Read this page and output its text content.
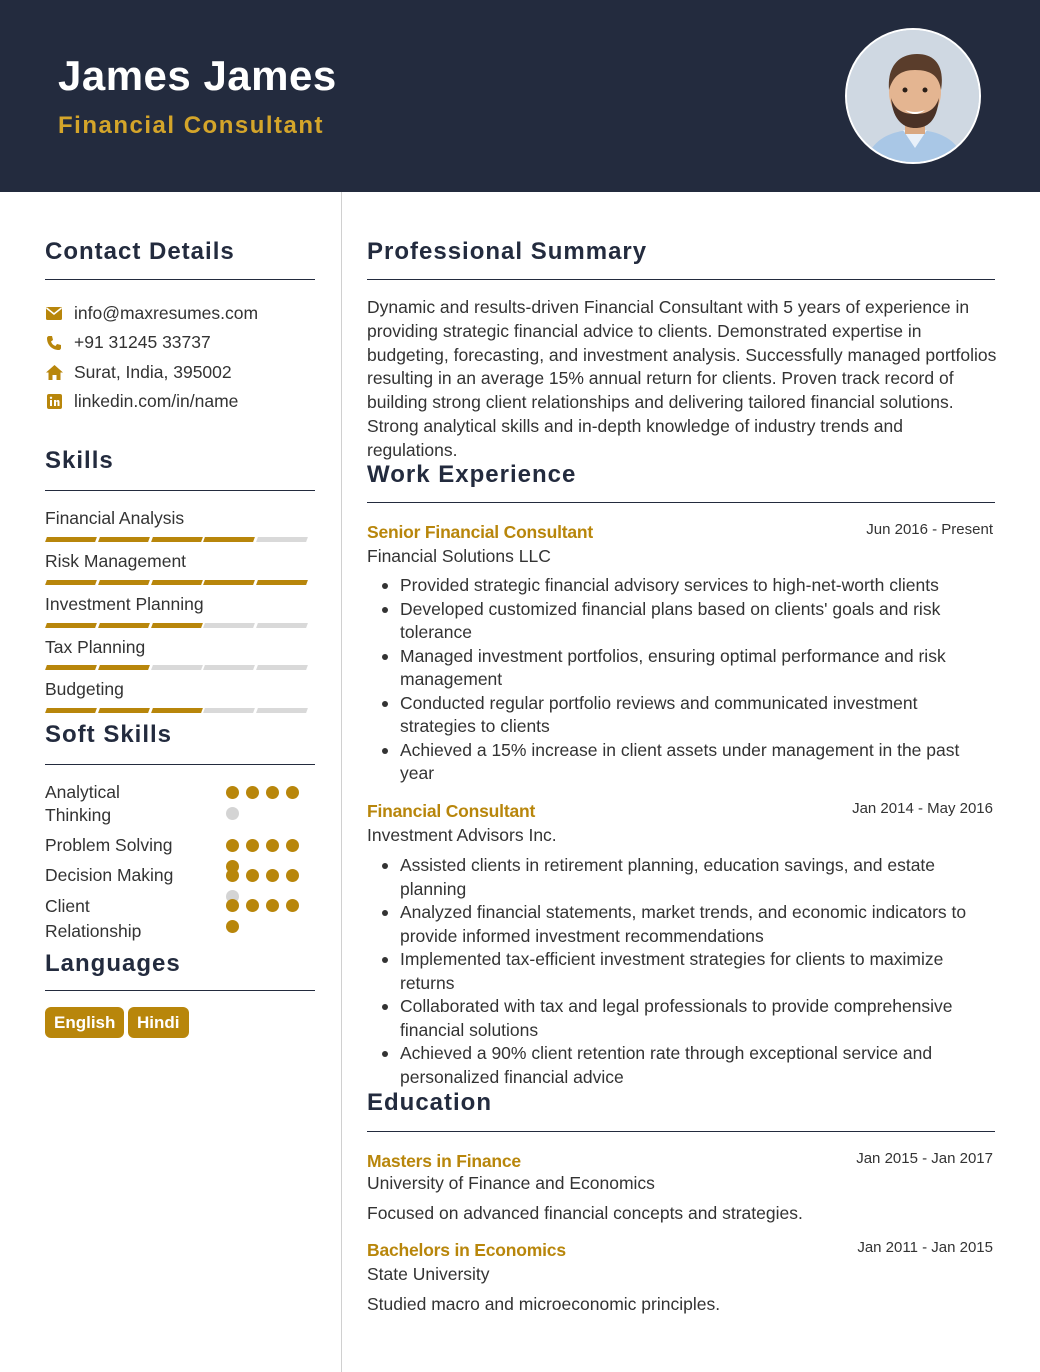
James James
Financial Consultant
Contact Details
info@maxresumes.com
+91 31245 33737
Surat, India, 395002
linkedin.com/in/name
Skills
Financial Analysis
Risk Management
Investment Planning
Tax Planning
Budgeting
Soft Skills
Analytical Thinking
Problem Solving
Decision Making
Client Relationship
Languages
English	Hindi
Professional Summary
Dynamic and results-driven Financial Consultant with 5 years of experience in providing strategic financial advice to clients. Demonstrated expertise in budgeting, forecasting, and investment analysis. Successfully managed portfolios resulting in an average 15% annual return for clients. Proven track record of building strong client relationships and delivering tailored financial solutions. Strong analytical skills and in-depth knowledge of industry trends and regulations.
Work Experience
Senior Financial Consultant	Jun 2016 - Present
Financial Solutions LLC
Provided strategic financial advisory services to high-net-worth clients
Developed customized financial plans based on clients' goals and risk tolerance
Managed investment portfolios, ensuring optimal performance and risk management
Conducted regular portfolio reviews and communicated investment strategies to clients
Achieved a 15% increase in client assets under management in the past year
Financial Consultant	Jan 2014 - May 2016
Investment Advisors Inc.
Assisted clients in retirement planning, education savings, and estate planning
Analyzed financial statements, market trends, and economic indicators to provide informed investment recommendations
Implemented tax-efficient investment strategies for clients to maximize returns
Collaborated with tax and legal professionals to provide comprehensive financial solutions
Achieved a 90% client retention rate through exceptional service and personalized financial advice
Education
Masters in Finance	Jan 2015 - Jan 2017
University of Finance and Economics
Focused on advanced financial concepts and strategies.
Bachelors in Economics	Jan 2011 - Jan 2015
State University
Studied macro and microeconomic principles.
